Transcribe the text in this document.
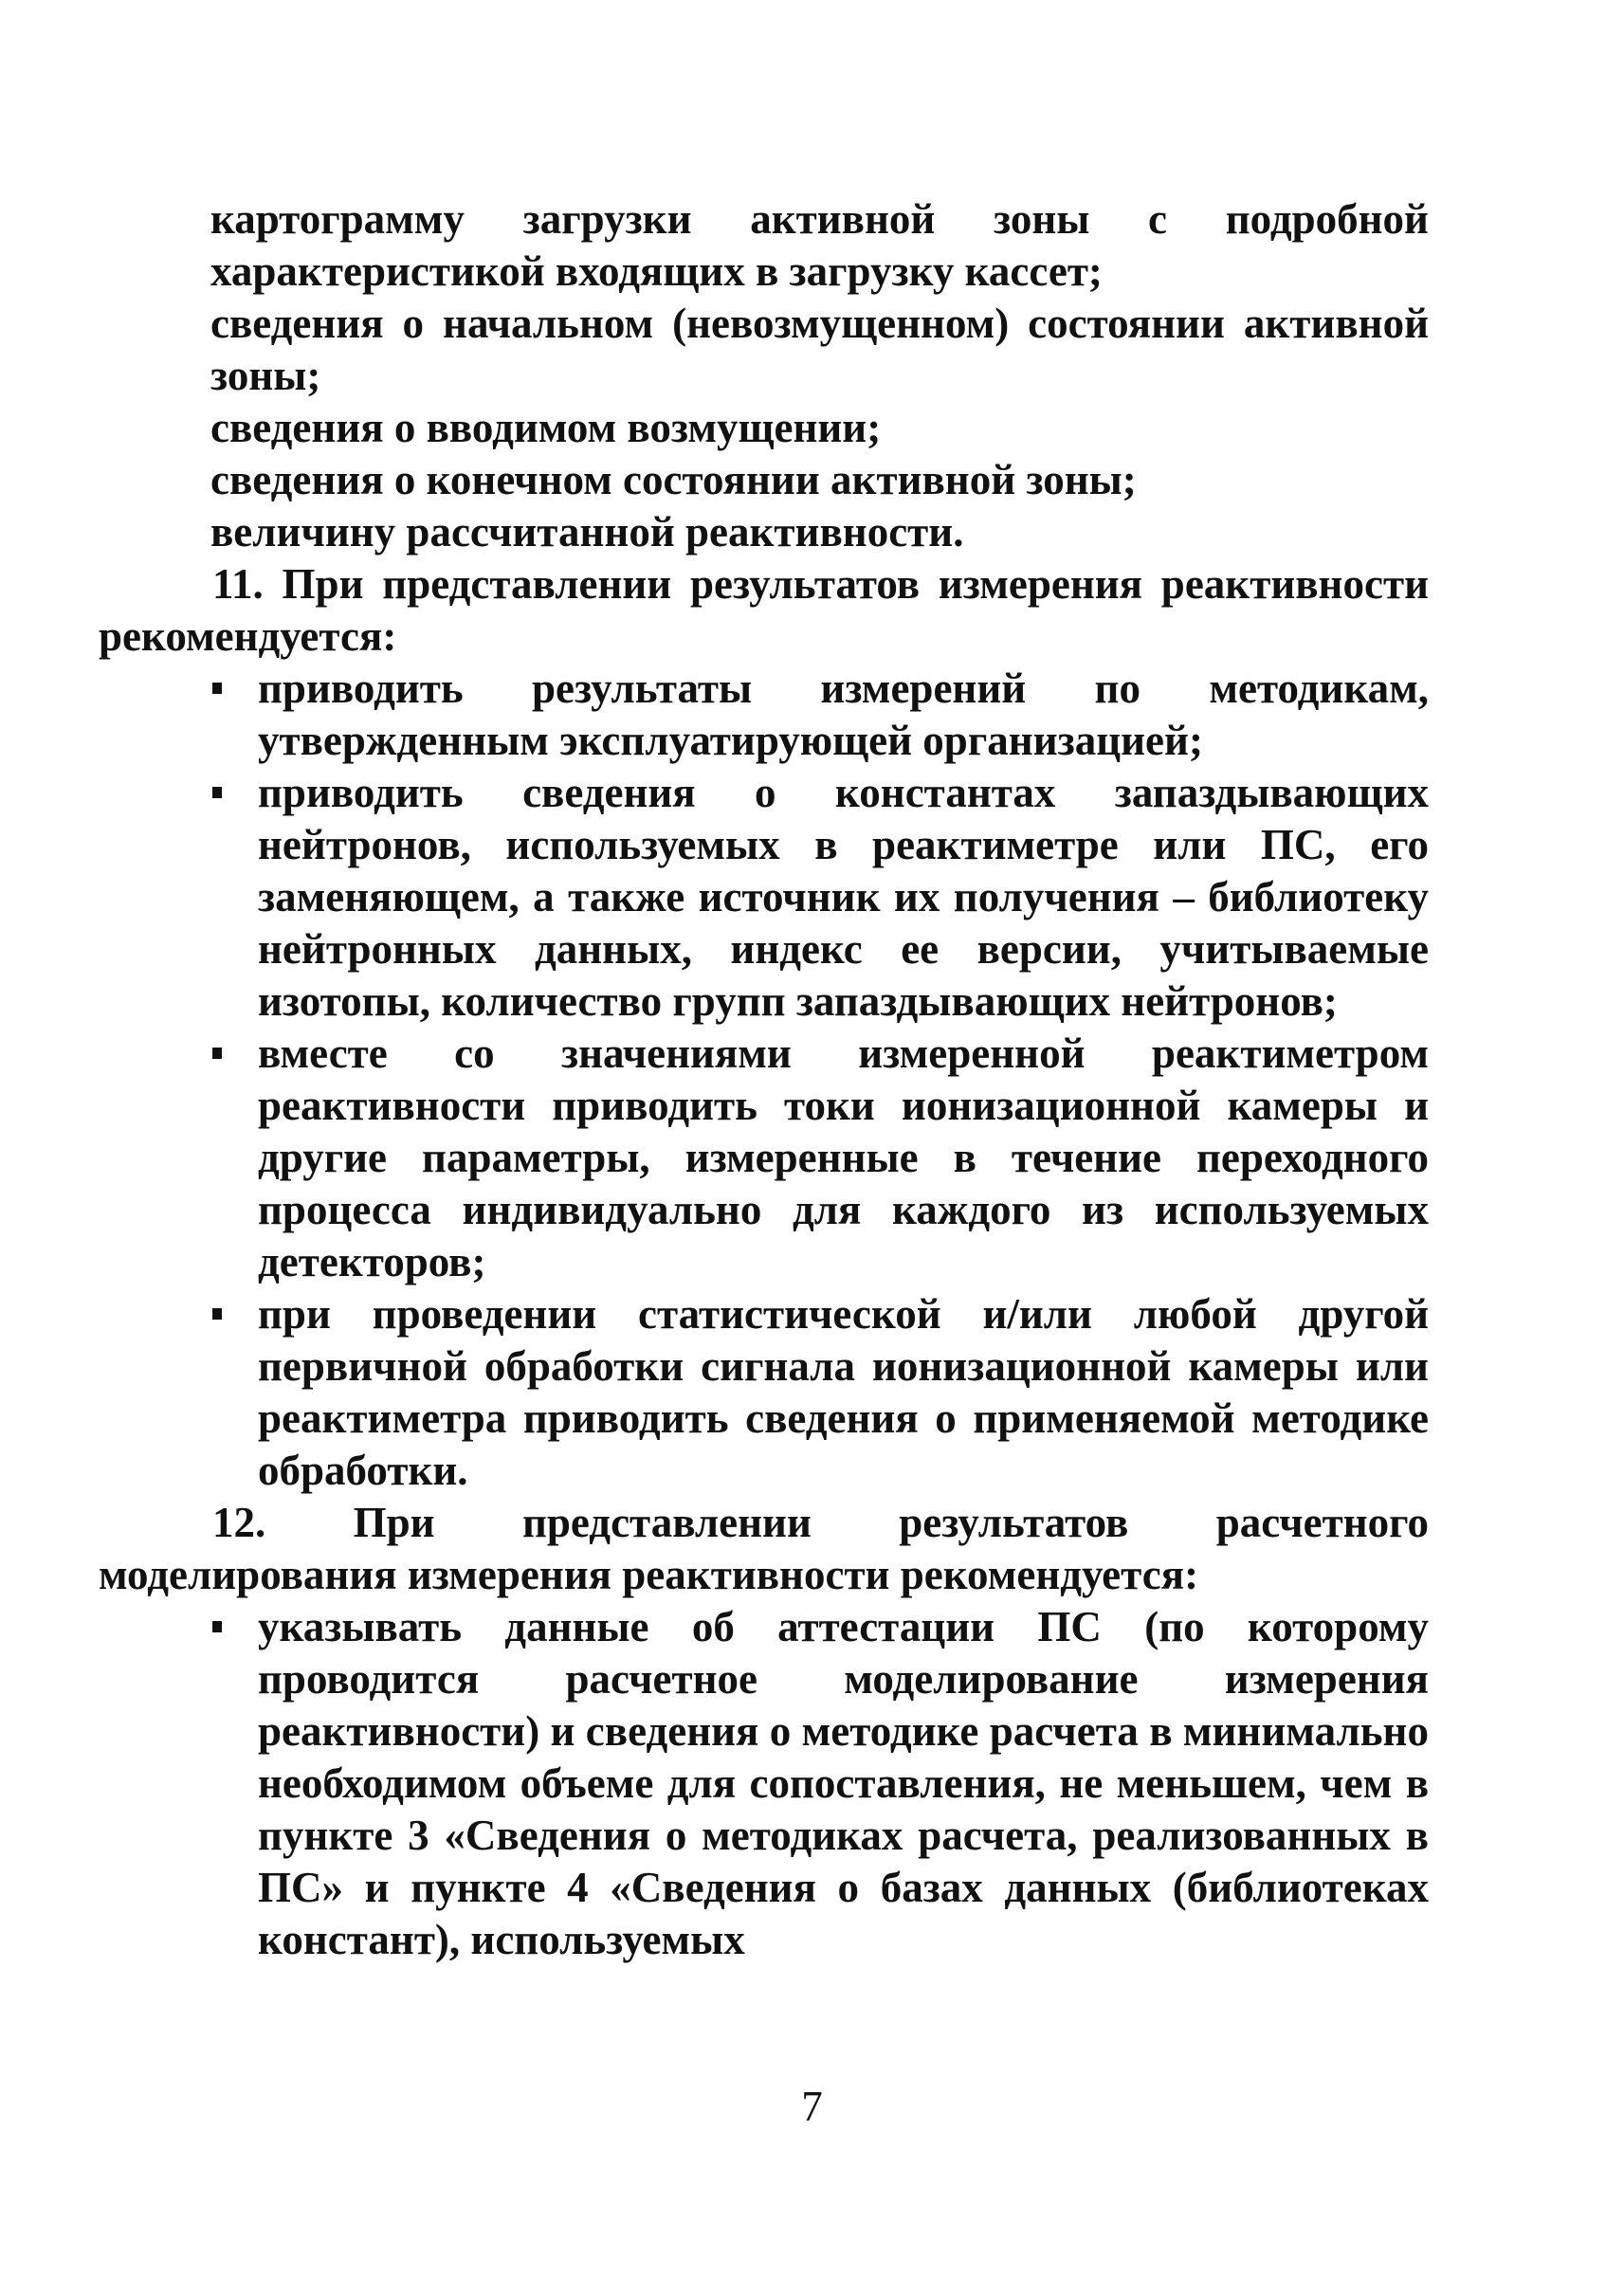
картограмму загрузки активной зоны с подробной характеристикой входящих в загрузку кассет;

сведения о начальном (невозмущенном) состоянии активной зоны;

сведения о вводимом возмущении;

сведения о конечном состоянии активной зоны;

величину рассчитанной реактивности.

11. При представлении результатов измерения реактивности рекомендуется:

приводить результаты измерений по методикам, утвержденным эксплуатирующей организацией;
приводить сведения о константах запаздывающих нейтронов, используемых в реактиметре или ПС, его заменяющем, а также источник их получения – библиотеку нейтронных данных, индекс ее версии, учитываемые изотопы, количество групп запаздывающих нейтронов;
вместе со значениями измеренной реактиметром реактивности приводить токи ионизационной камеры и другие параметры, измеренные в течение переходного процесса индивидуально для каждого из используемых детекторов;
при проведении статистической и/или любой другой первичной обработки сигнала ионизационной камеры или реактиметра приводить сведения о применяемой методике обработки.

12. При представлении результатов расчетного моделирования измерения реактивности рекомендуется:

указывать данные об аттестации ПС (по которому проводится расчетное моделирование измерения реактивности) и сведения о методике расчета в минимально необходимом объеме для сопоставления, не меньшем, чем в пункте 3 «Сведения о методиках расчета, реализованных в ПС» и пункте 4 «Сведения о базах данных (библиотеках констант), используемых
7
